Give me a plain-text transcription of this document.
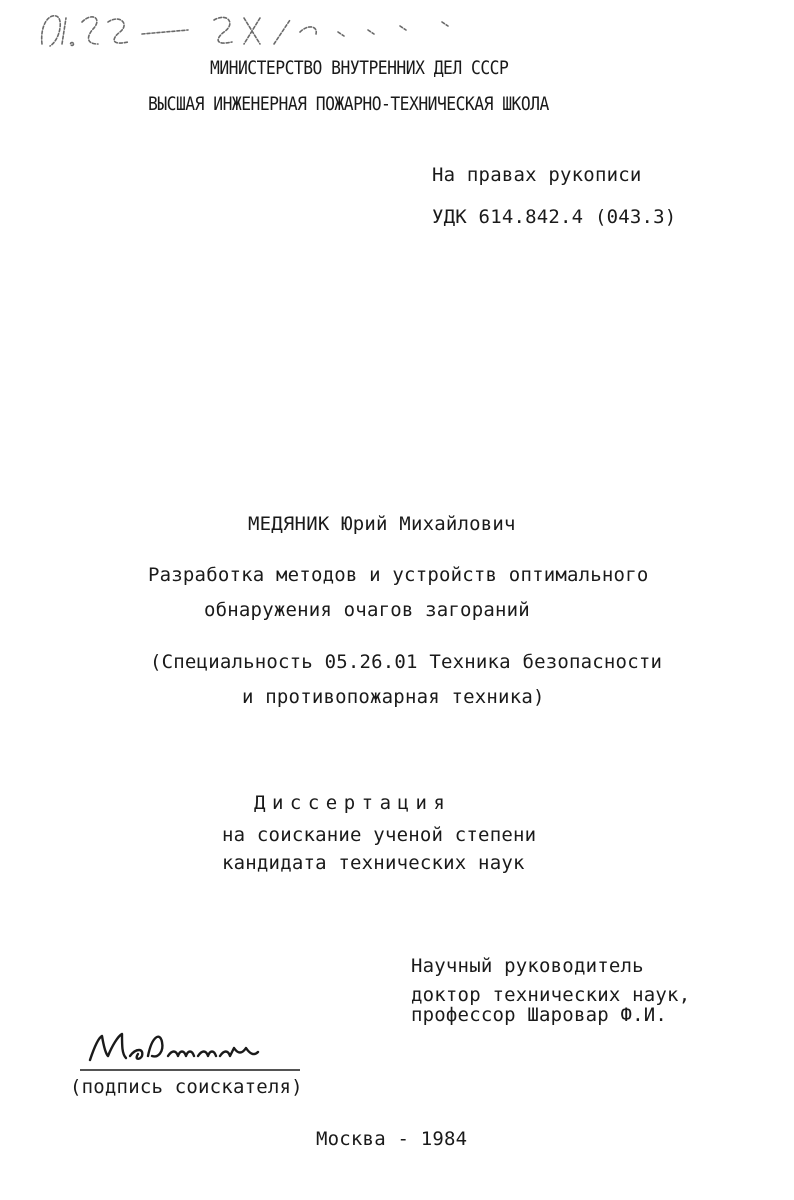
МИНИСТЕРСТВО ВНУТРЕННИХ ДЕЛ СССР
ВЫСШАЯ ИНЖЕНЕРНАЯ ПОЖАРНО-ТЕХНИЧЕСКАЯ ШКОЛА
На правах рукописи
УДК 614.842.4 (043.3)
МЕДЯНИК Юрий Михайлович
Разработка методов и устройств оптимального
обнаружения очагов загораний
(Специальность 05.26.01 Техника безопасности
и противопожарная техника)
Диссертация
на соискание ученой степени
кандидата технических наук
Научный руководитель
доктор технических наук,
профессор Шаровар Ф.И.
(подпись соискателя)
Москва - 1984
